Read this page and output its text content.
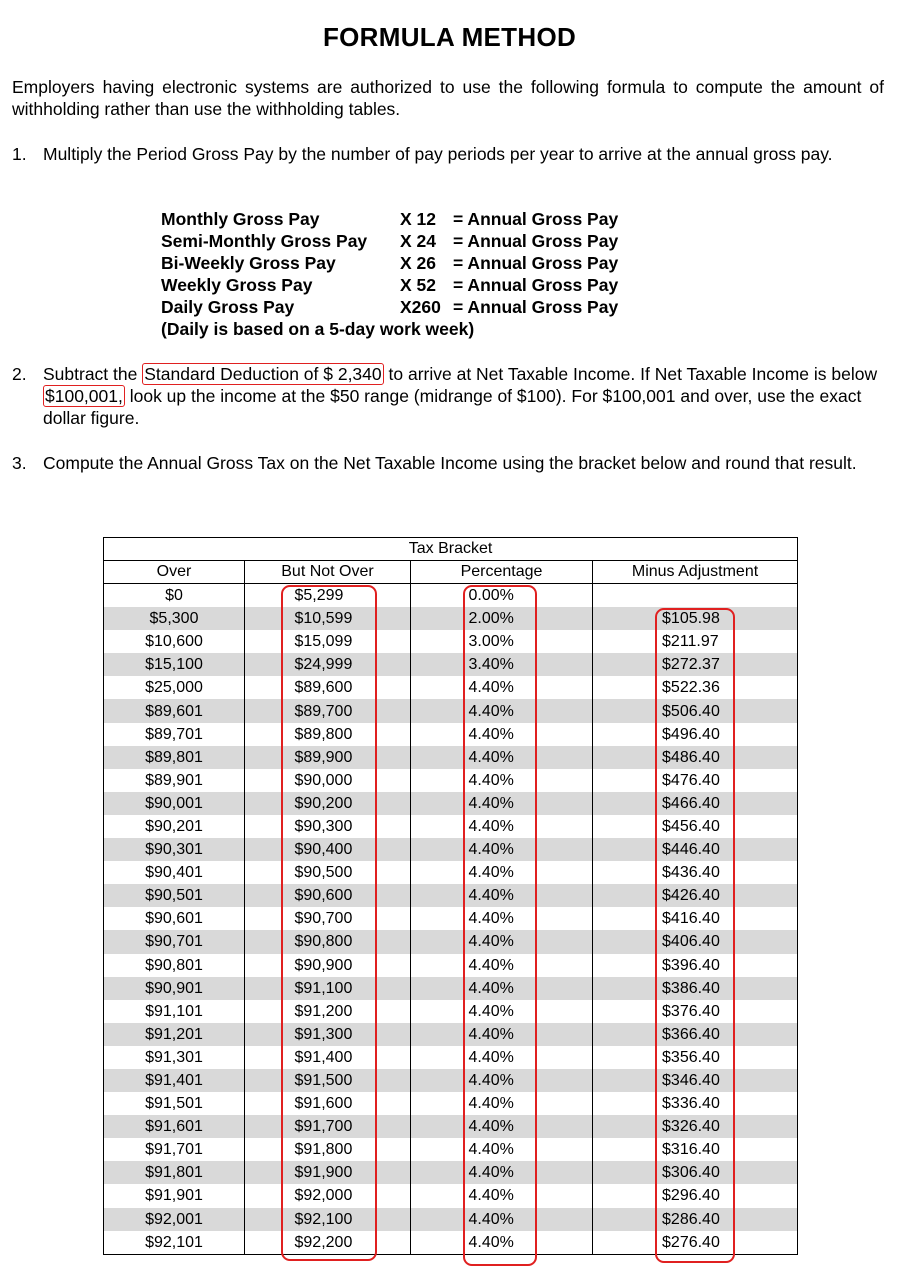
FORMULA METHOD
Employers having electronic systems are authorized to use the following formula to compute the amount of withholding rather than use the withholding tables.
1. Multiply the Period Gross Pay by the number of pay periods per year to arrive at the annual gross pay.
Monthly Gross Pay	X 12 = Annual Gross Pay
Semi-Monthly Gross Pay X 24 = Annual Gross Pay
Bi-Weekly Gross Pay	X 26 = Annual Gross Pay
Weekly Gross Pay	X 52 = Annual Gross Pay
Daily Gross Pay	X260 = Annual Gross Pay
(Daily is based on a 5-day work week)
2. Subtract the Standard Deduction of $ 2,340 to arrive at Net Taxable Income. If Net Taxable Income is below $100,001, look up the income at the $50 range (midrange of $100). For $100,001 and over, use the exact dollar figure.
3. Compute the Annual Gross Tax on the Net Taxable Income using the bracket below and round that result.
Tax Bracket			
Over	But Not Over	Percentage	Minus Adjustment
$0	$5,299	0.00%	
$5,300	$10,599	2.00%	$105.98
$10,600	$15,099	3.00%	$211.97
$15,100	$24,999	3.40%	$272.37
$25,000	$89,600	4.40%	$522.36
$89,601	$89,700	4.40%	$506.40
$89,701	$89,800	4.40%	$496.40
$89,801	$89,900	4.40%	$486.40
$89,901	$90,000	4.40%	$476.40
$90,001	$90,200	4.40%	$466.40
$90,201	$90,300	4.40%	$456.40
$90,301	$90,400	4.40%	$446.40
$90,401	$90,500	4.40%	$436.40
$90,501	$90,600	4.40%	$426.40
$90,601	$90,700	4.40%	$416.40
$90,701	$90,800	4.40%	$406.40
$90,801	$90,900	4.40%	$396.40
$90,901	$91,100	4.40%	$386.40
$91,101	$91,200	4.40%	$376.40
$91,201	$91,300	4.40%	$366.40
$91,301	$91,400	4.40%	$356.40
$91,401	$91,500	4.40%	$346.40
$91,501	$91,600	4.40%	$336.40
$91,601	$91,700	4.40%	$326.40
$91,701	$91,800	4.40%	$316.40
$91,801	$91,900	4.40%	$306.40
$91,901	$92,000	4.40%	$296.40
$92,001	$92,100	4.40%	$286.40
$92,101	$92,200	4.40%	$276.40
